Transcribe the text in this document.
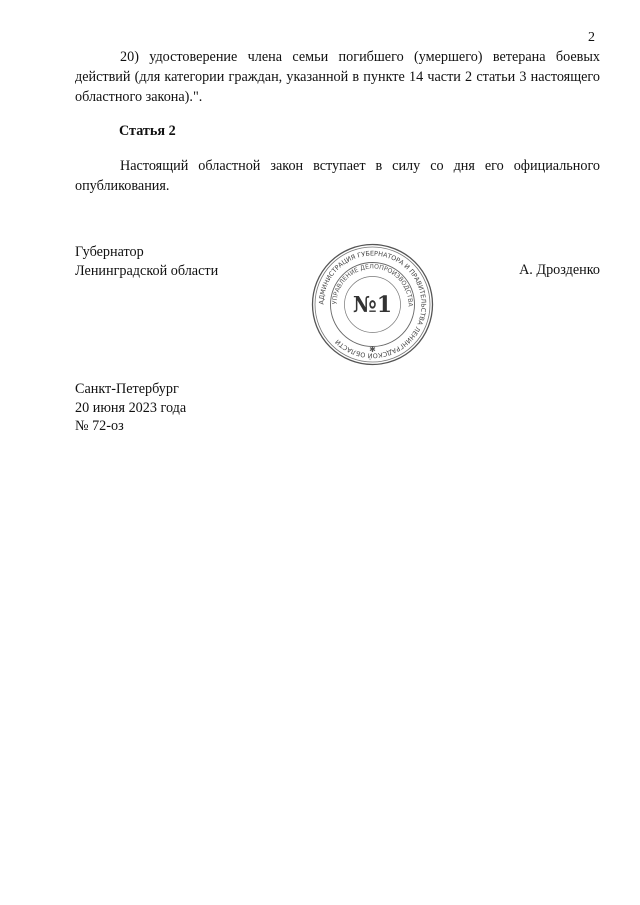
2

20) удостоверение члена семьи погибшего (умершего) ветерана боевых действий (для категории граждан, указанной в пункте 14 части 2 статьи 3 настоящего областного закона).".

Статья 2

Настоящий областной закон вступает в силу со дня его официального опубликования.

Губернатор
Ленинградской области	А. Дрозденко
АДМИНИСТРАЦИЯ ГУБЕРНАТОРА И ПРАВИТЕЛЬСТВА ЛЕНИНГРАДСКОЙ ОБЛАСТИ
УПРАВЛЕНИЕ ДЕЛОПРОИЗВОДСТВА
№1
✱
Санкт-Петербург
20 июня 2023 года
№ 72-оз
